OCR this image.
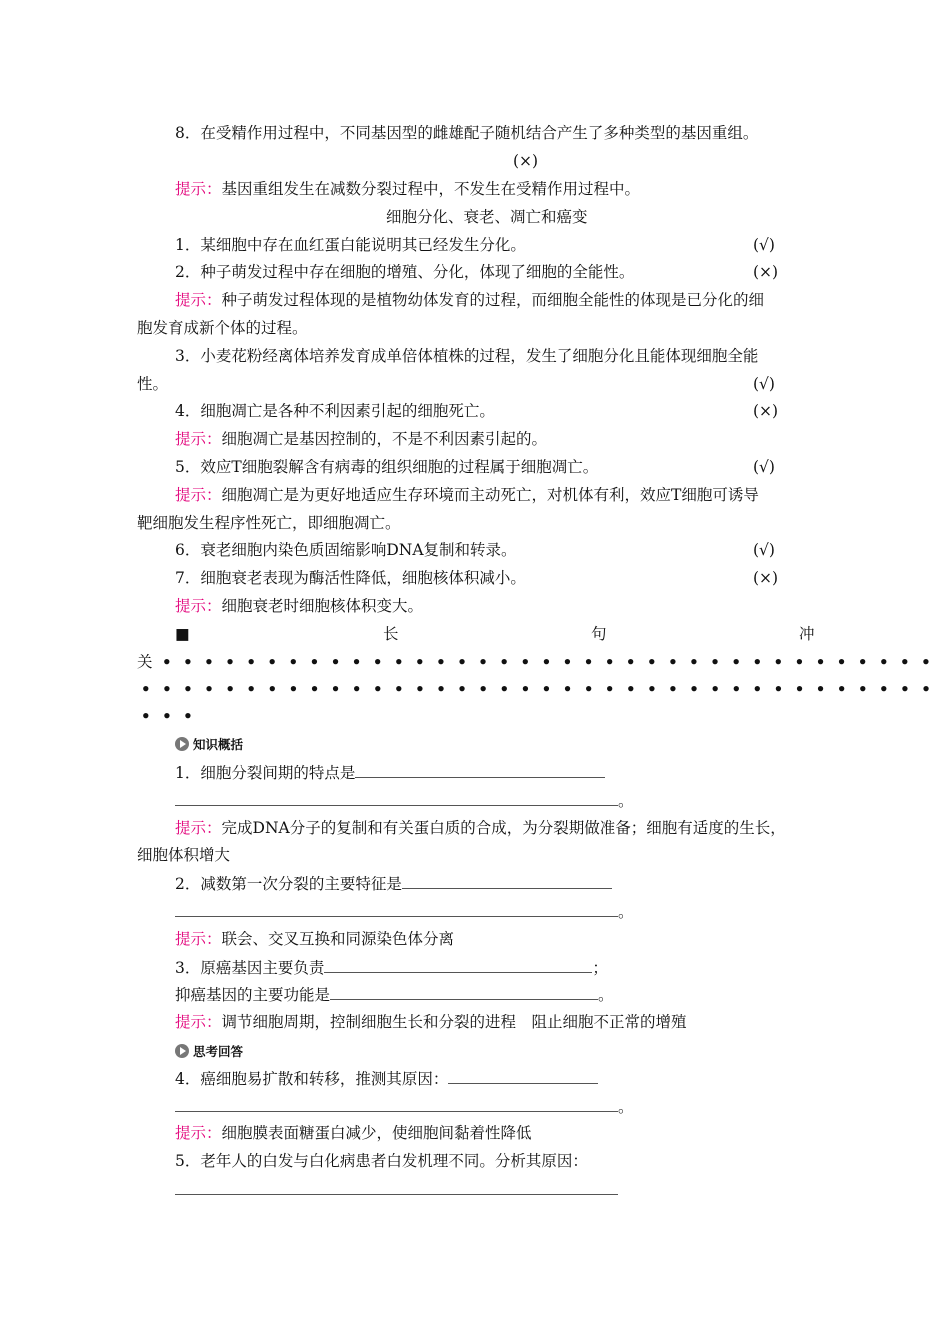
8．在受精作用过程中，不同基因型的雌雄配子随机结合产生了多种类型的基因重组。
(×)
提示：基因重组发生在减数分裂过程中，不发生在受精作用过程中。
细胞分化、衰老、凋亡和癌变
1．某细胞中存在血红蛋白能说明其已经发生分化。	(√)
2．种子萌发过程中存在细胞的增殖、分化，体现了细胞的全能性。	(×)
提示：种子萌发过程体现的是植物幼体发育的过程，而细胞全能性的体现是已分化的细
胞发育成新个体的过程。
3．小麦花粉经离体培养发育成单倍体植株的过程，发生了细胞分化且能体现细胞全能
性。	(√)
4．细胞凋亡是各种不利因素引起的细胞死亡。	(×)
提示：细胞凋亡是基因控制的，不是不利因素引起的。
5．效应T细胞裂解含有病毒的组织细胞的过程属于细胞凋亡。	(√)
提示：细胞凋亡是为更好地适应生存环境而主动死亡，对机体有利，效应T细胞可诱导
靶细胞发生程序性死亡，即细胞凋亡。
6．衰老细胞内染色质固缩影响DNA复制和转录。	(√)
7．细胞衰老表现为酶活性降低，细胞核体积减小。	(×)
提示：细胞衰老时细胞核体积变大。
■	长	句	冲
关 •••••••••••••••••••••••••••••••••••••
••••••••••••••••••••••••••••••••••••••
•••
知识概括
1．细胞分裂间期的特点是
。
提示：完成DNA分子的复制和有关蛋白质的合成，为分裂期做准备；细胞有适度的生长，
细胞体积增大
2．减数第一次分裂的主要特征是
。
提示：联会、交叉互换和同源染色体分离
3．原癌基因主要负责	；
抑癌基因的主要功能是	。
提示：调节细胞周期，控制细胞生长和分裂的进程　阻止细胞不正常的增殖
思考回答
4．癌细胞易扩散和转移，推测其原因：
。
提示：细胞膜表面糖蛋白减少，使细胞间黏着性降低
5．老年人的白发与白化病患者白发机理不同。分析其原因：
